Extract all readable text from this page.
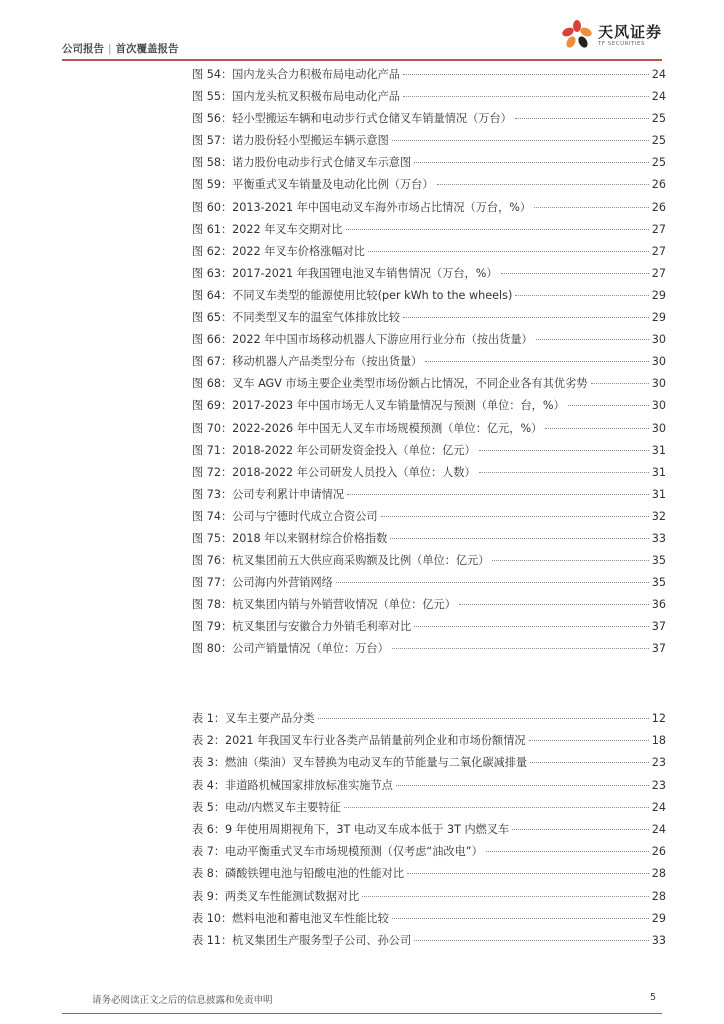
公司报告 | 首次覆盖报告
天风证券
TF SECURITIES
图 54：国内龙头合力积极布局电动化产品	24
图 55：国内龙头杭叉积极布局电动化产品	24
图 56：轻小型搬运车辆和电动步行式仓储叉车销量情况（万台）	25
图 57：诺力股份轻小型搬运车辆示意图	25
图 58：诺力股份电动步行式仓储叉车示意图	25
图 59：平衡重式叉车销量及电动化比例（万台）	26
图 60：2013-2021 年中国电动叉车海外市场占比情况（万台，%）	26
图 61：2022 年叉车交期对比	27
图 62：2022 年叉车价格涨幅对比	27
图 63：2017-2021 年我国锂电池叉车销售情况（万台，%）	27
图 64：不同叉车类型的能源使用比较(per kWh to the wheels)	29
图 65：不同类型叉车的温室气体排放比较	29
图 66：2022 年中国市场移动机器人下游应用行业分布（按出货量）	30
图 67：移动机器人产品类型分布（按出货量）	30
图 68：叉车 AGV 市场主要企业类型市场份额占比情况，不同企业各有其优劣势	30
图 69：2017-2023 年中国市场无人叉车销量情况与预测（单位：台，%）	30
图 70：2022-2026 年中国无人叉车市场规模预测（单位：亿元，%）	30
图 71：2018-2022 年公司研发资金投入（单位：亿元）	31
图 72：2018-2022 年公司研发人员投入（单位：人数）	31
图 73：公司专利累计申请情况	31
图 74：公司与宁德时代成立合资公司	32
图 75：2018 年以来钢材综合价格指数	33
图 76：杭叉集团前五大供应商采购额及比例（单位：亿元）	35
图 77：公司海内外营销网络	35
图 78：杭叉集团内销与外销营收情况（单位：亿元）	36
图 79：杭叉集团与安徽合力外销毛利率对比	37
图 80：公司产销量情况（单位：万台）	37
表 1：叉车主要产品分类	12
表 2：2021 年我国叉车行业各类产品销量前列企业和市场份额情况	18
表 3：燃油（柴油）叉车替换为电动叉车的节能量与二氧化碳减排量	23
表 4：非道路机械国家排放标准实施节点	23
表 5：电动/内燃叉车主要特征	24
表 6：9 年使用周期视角下，3T 电动叉车成本低于 3T 内燃叉车	24
表 7：电动平衡重式叉车市场规模预测（仅考虑“油改电”）	26
表 8：磷酸铁锂电池与铅酸电池的性能对比	28
表 9：两类叉车性能测试数据对比	28
表 10：燃料电池和蓄电池叉车性能比较	29
表 11：杭叉集团生产服务型子公司、孙公司	33
请务必阅读正文之后的信息披露和免责申明	5
